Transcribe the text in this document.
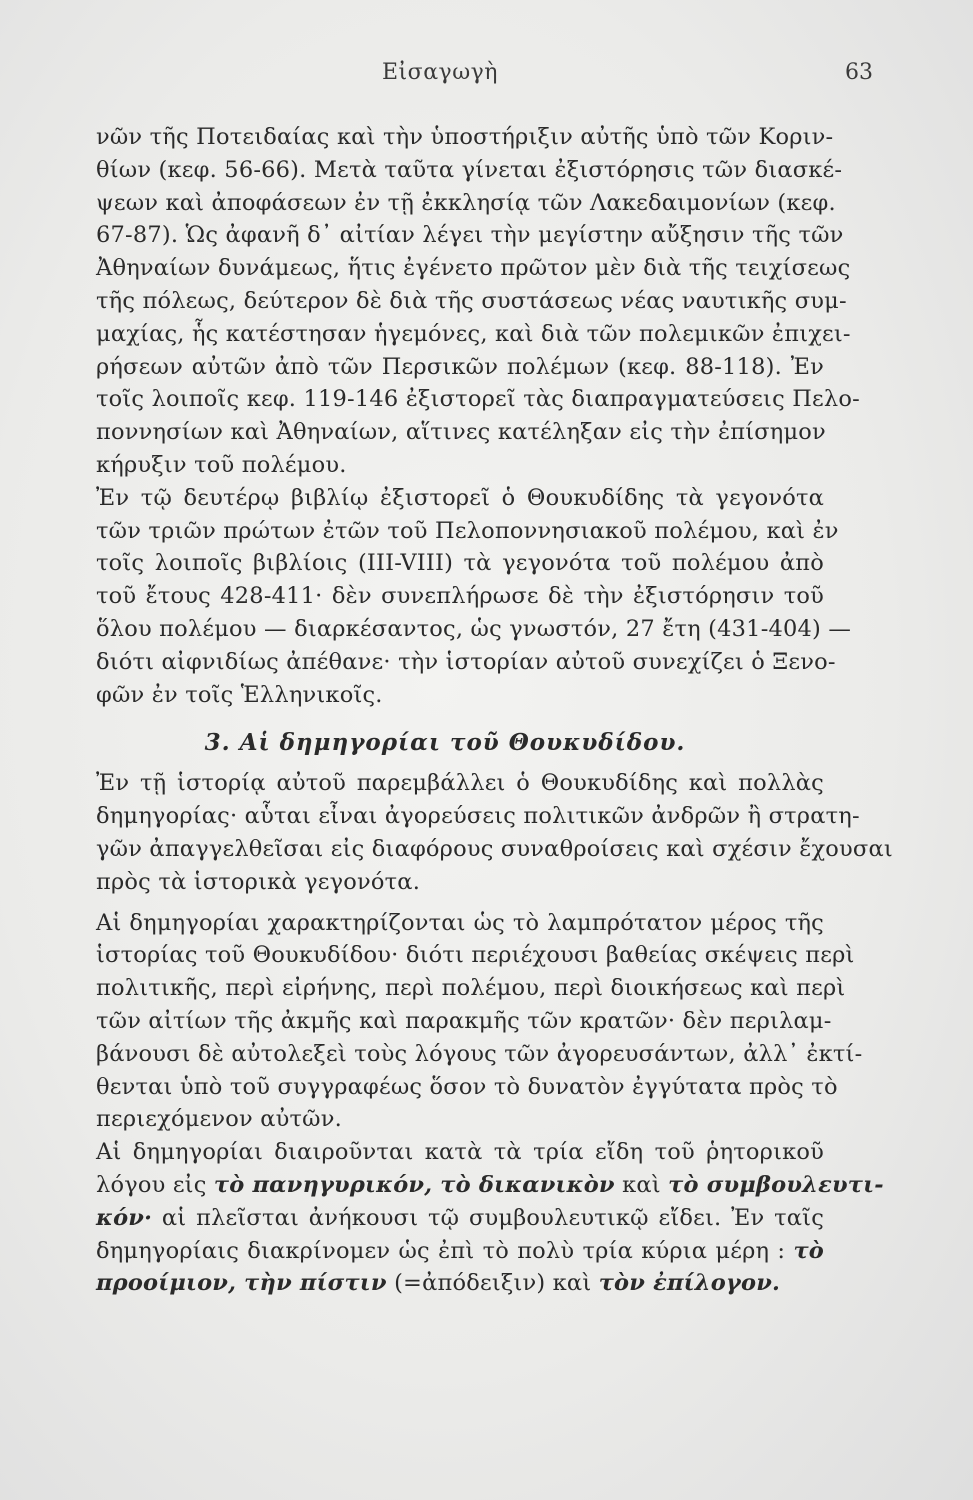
Εἰσαγωγὴ	63
νῶν τῆς Ποτειδαίας καὶ τὴν ὑποστήριξιν αὐτῆς ὑπὸ τῶν Κοριν-
θίων (κεφ. 56-66). Μετὰ ταῦτα γίνεται ἐξιστόρησις τῶν διασκέ-
ψεων καὶ ἀποφάσεων ἐν τῇ ἐκκλησίᾳ τῶν Λακεδαιμονίων (κεφ.
67-87). Ὡς ἀφανῆ δ᾿ αἰτίαν λέγει τὴν μεγίστην αὔξησιν τῆς τῶν
Ἀθηναίων δυνάμεως, ἥτις ἐγένετο πρῶτον μὲν διὰ τῆς τειχίσεως
τῆς πόλεως, δεύτερον δὲ διὰ τῆς συστάσεως νέας ναυτικῆς συμ-
μαχίας, ἧς κατέστησαν ἡγεμόνες, καὶ διὰ τῶν πολεμικῶν ἐπιχει-
ρήσεων αὐτῶν ἀπὸ τῶν Περσικῶν πολέμων (κεφ. 88-118). Ἐν
τοῖς λοιποῖς κεφ. 119-146 ἐξιστορεῖ τὰς διαπραγματεύσεις Πελο-
ποννησίων καὶ Ἀθηναίων, αἵτινες κατέληξαν εἰς τὴν ἐπίσημον
κήρυξιν τοῦ πολέμου.
Ἐν τῷ δευτέρῳ βιβλίῳ ἐξιστορεῖ ὁ Θουκυδίδης τὰ γεγονότα
τῶν τριῶν πρώτων ἐτῶν τοῦ Πελοποννησιακοῦ πολέμου, καὶ ἐν
τοῖς λοιποῖς βιβλίοις (III-VIII) τὰ γεγονότα τοῦ πολέμου ἀπὸ
τοῦ ἔτους 428-411· δὲν συνεπλήρωσε δὲ τὴν ἐξιστόρησιν τοῦ
ὅλου πολέμου — διαρκέσαντος, ὡς γνωστόν, 27 ἔτη (431-404) —
διότι αἰφνιδίως ἀπέθανε· τὴν ἱστορίαν αὐτοῦ συνεχίζει ὁ Ξενο-
φῶν ἐν τοῖς Ἑλληνικοῖς.
3. Αἱ δημηγορίαι τοῦ Θουκυδίδου.
Ἐν τῇ ἱστορίᾳ αὐτοῦ παρεμβάλλει ὁ Θουκυδίδης καὶ πολλὰς
δημηγορίας· αὗται εἶναι ἀγορεύσεις πολιτικῶν ἀνδρῶν ἢ στρατη-
γῶν ἀπαγγελθεῖσαι εἰς διαφόρους συναθροίσεις καὶ σχέσιν ἔχουσαι
πρὸς τὰ ἱστορικὰ γεγονότα.
Αἱ δημηγορίαι χαρακτηρίζονται ὡς τὸ λαμπρότατον μέρος τῆς
ἱστορίας τοῦ Θουκυδίδου· διότι περιέχουσι βαθείας σκέψεις περὶ
πολιτικῆς, περὶ εἰρήνης, περὶ πολέμου, περὶ διοικήσεως καὶ περὶ
τῶν αἰτίων τῆς ἀκμῆς καὶ παρακμῆς τῶν κρατῶν· δὲν περιλαμ-
βάνουσι δὲ αὐτολεξεὶ τοὺς λόγους τῶν ἀγορευσάντων, ἀλλ᾿ ἐκτί-
θενται ὑπὸ τοῦ συγγραφέως ὅσον τὸ δυνατὸν ἐγγύτατα πρὸς τὸ
περιεχόμενον αὐτῶν.
Αἱ δημηγορίαι διαιροῦνται κατὰ τὰ τρία εἴδη τοῦ ῥητορικοῦ
λόγου εἰς τὸ πανηγυρικόν, τὸ δικανικὸν καὶ τὸ συμβουλευτι-
κόν· αἱ πλεῖσται ἀνήκουσι τῷ συμβουλευτικῷ εἴδει. Ἐν ταῖς
δημηγορίαις διακρίνομεν ὡς ἐπὶ τὸ πολὺ τρία κύρια μέρη : τὸ
προοίμιον, τὴν πίστιν (=ἀπόδειξιν) καὶ τὸν ἐπίλογον.
